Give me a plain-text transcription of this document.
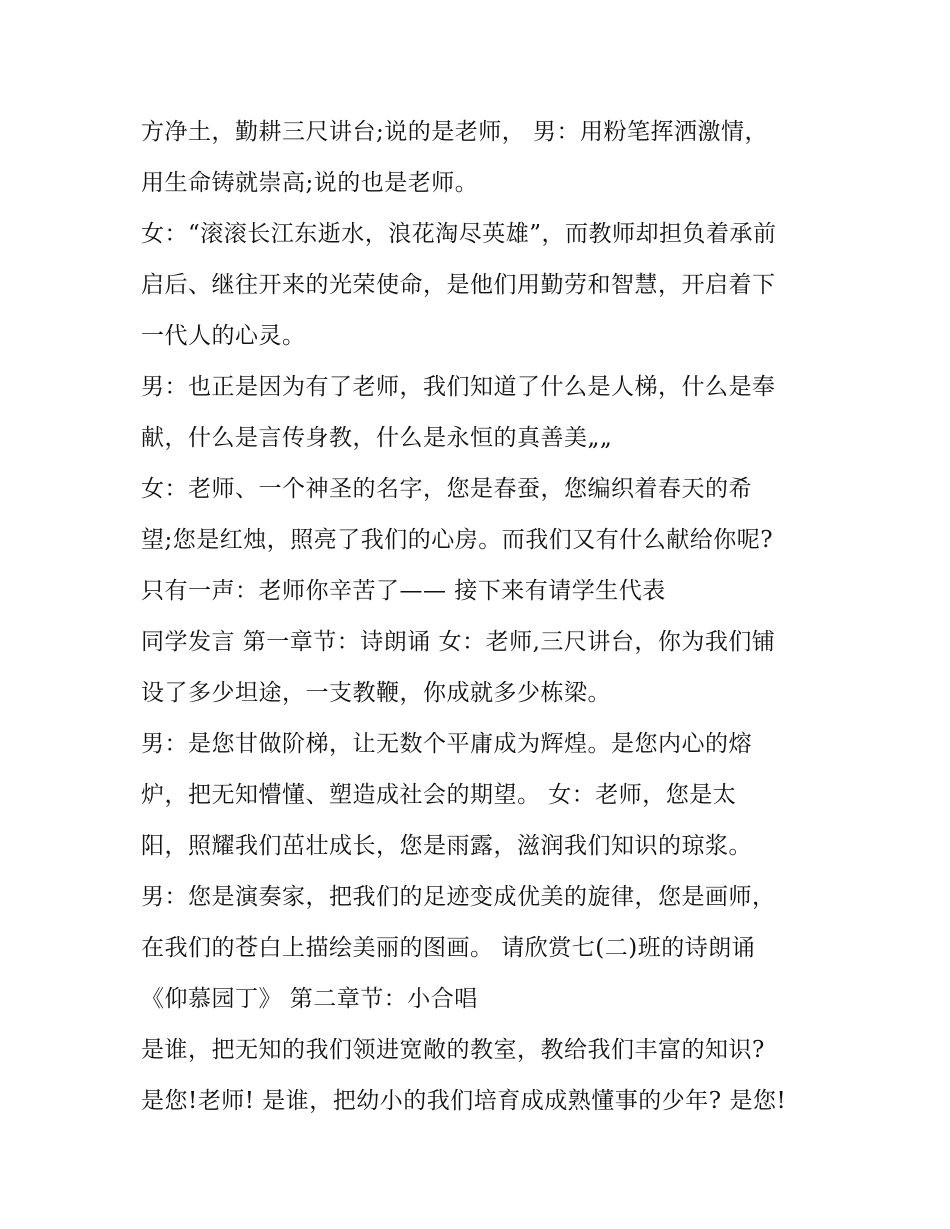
方净土，勤耕三尺讲台;说的是老师， 男：用粉笔挥洒激情，
用生命铸就崇高;说的也是老师。
女：“滚滚长江东逝水，浪花淘尽英雄”，而教师却担负着承前
启后、继往开来的光荣使命，是他们用勤劳和智慧，开启着下
一代人的心灵。
男：也正是因为有了老师，我们知道了什么是人梯，什么是奉
献，什么是言传身教，什么是永恒的真善美„„
女：老师、一个神圣的名字，您是春蚕，您编织着春天的希
望;您是红烛，照亮了我们的心房。而我们又有什么献给你呢?
只有一声：老师你辛苦了—— 接下来有请学生代表
同学发言 第一章节：诗朗诵 女：老师,三尺讲台，你为我们铺
设了多少坦途，一支教鞭，你成就多少栋梁。
男：是您甘做阶梯，让无数个平庸成为辉煌。是您内心的熔
炉，把无知懵懂、塑造成社会的期望。 女：老师，您是太
阳，照耀我们茁壮成长，您是雨露，滋润我们知识的琼浆。
男：您是演奏家，把我们的足迹变成优美的旋律，您是画师，
在我们的苍白上描绘美丽的图画。 请欣赏七(二)班的诗朗诵
《仰慕园丁》 第二章节：小合唱
是谁，把无知的我们领进宽敞的教室，教给我们丰富的知识?
是您!老师! 是谁，把幼小的我们培育成成熟懂事的少年? 是您!
